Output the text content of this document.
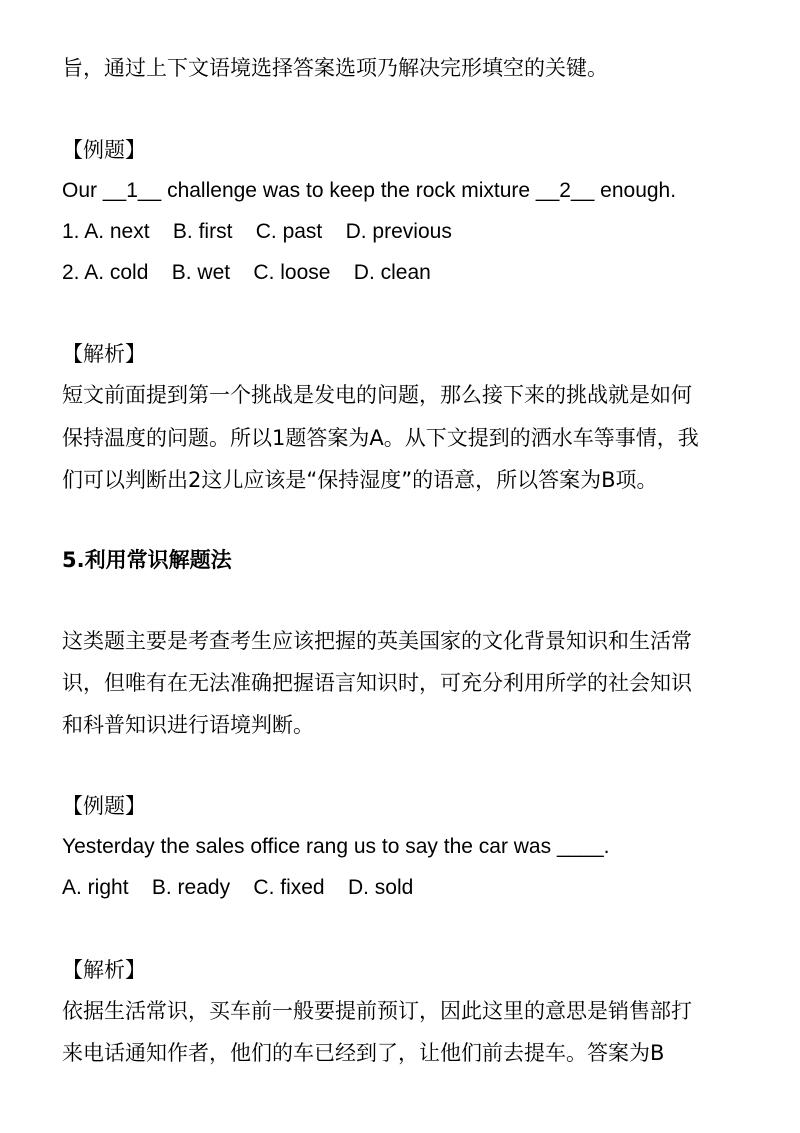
旨，通过上下文语境选择答案选项乃解决完形填空的关键。
【例题】
Our __1__ challenge was to keep the rock mixture __2__ enough.
1. A. next    B. first    C. past    D. previous
2. A. cold    B. wet    C. loose    D. clean
【解析】
短文前面提到第一个挑战是发电的问题，那么接下来的挑战就是如何
保持温度的问题。所以1题答案为A。从下文提到的洒水车等事情，我
们可以判断出2这儿应该是“保持湿度”的语意，所以答案为B项。
5.利用常识解题法
这类题主要是考查考生应该把握的英美国家的文化背景知识和生活常
识，但唯有在无法准确把握语言知识时，可充分利用所学的社会知识
和科普知识进行语境判断。
【例题】
Yesterday the sales office rang us to say the car was ____.
A. right    B. ready    C. fixed    D. sold
【解析】
依据生活常识，买车前一般要提前预订，因此这里的意思是销售部打
来电话通知作者，他们的车已经到了，让他们前去提车。答案为B
